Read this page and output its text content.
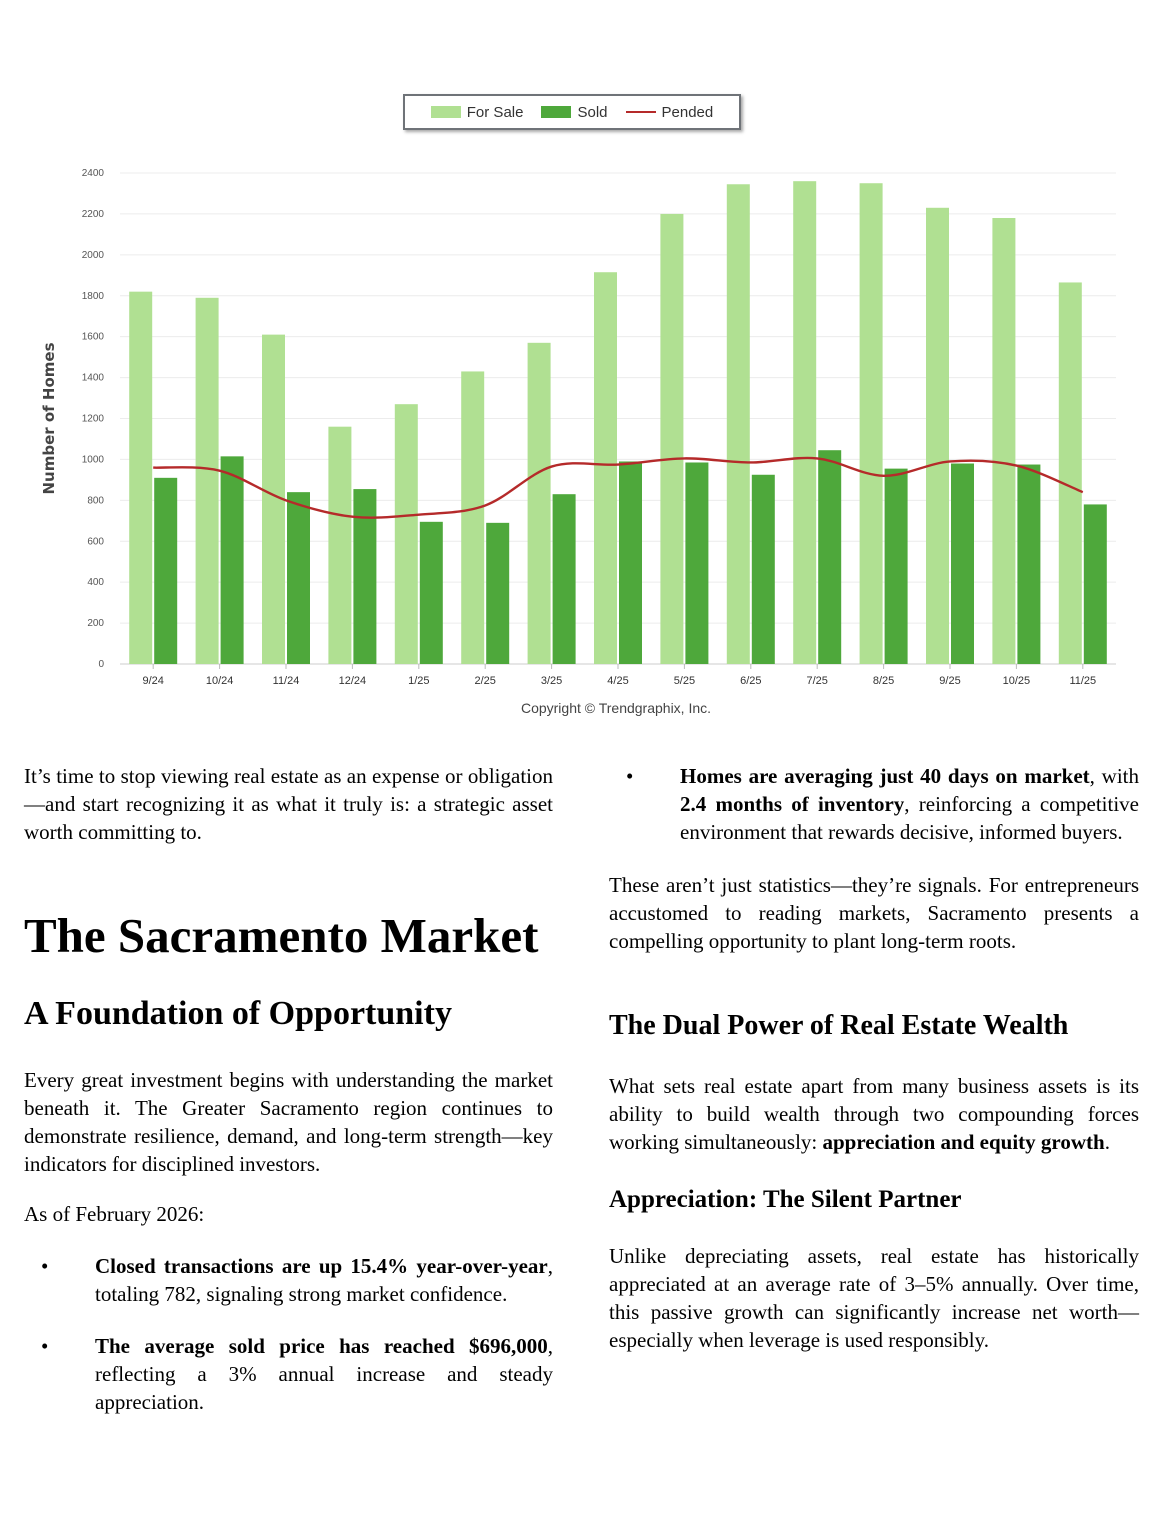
0
200
400
600
800
1000
1200
1400
1600
1800
2000
2200
2400
Number of Homes
9/24	10/24	11/24	12/24	1/25	2/25	3/25	4/25	5/25	6/25	7/25	8/25	9/25	10/25	11/25
For Sale	Sold	Pended
Copyright © Trendgraphix, Inc.

It’s time to stop viewing real estate as an expense or obligation—and start recognizing it as what it truly is: a strategic asset worth committing to.

The Sacramento Market
A Foundation of Opportunity

Every great investment begins with understanding the market beneath it. The Greater Sacramento region continues to demonstrate resilience, demand, and long-term strength—key indicators for disciplined investors.

As of February 2026:

• Closed transactions are up 15.4% year-over-year, totaling 782, signaling strong market confidence.

• The average sold price has reached $696,000, reflecting a 3% annual increase and steady appreciation.

• Homes are averaging just 40 days on market, with 2.4 months of inventory, reinforcing a competitive environment that rewards decisive, informed buyers.

These aren’t just statistics—they’re signals. For entrepreneurs accustomed to reading markets, Sacramento presents a compelling opportunity to plant long-term roots.

The Dual Power of Real Estate Wealth

What sets real estate apart from many business assets is its ability to build wealth through two compounding forces working simultaneously: appreciation and equity growth.

Appreciation: The Silent Partner

Unlike depreciating assets, real estate has historically appreciated at an average rate of 3–5% annually. Over time, this passive growth can significantly increase net worth—especially when leverage is used responsibly.
